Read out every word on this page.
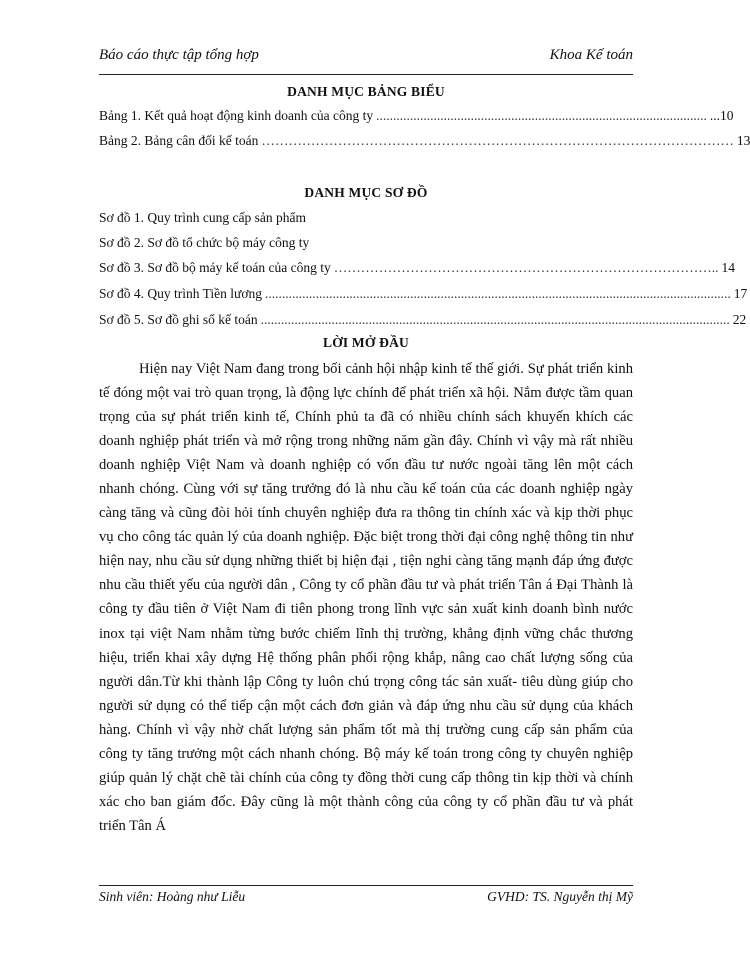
Báo cáo thực tập tổng hợp	Khoa Kế toán
DANH MỤC BẢNG BIỂU
Bảng 1. Kết quả hoạt động kinh doanh của công ty .................................................................................................. ...10
Bảng 2. Bảng cân đối kế toán …………………………………………………………………………………………… 13
DANH MỤC SƠ ĐỒ
Sơ đồ 1. Quy trình cung cấp sản phẩm
Sơ đồ 2. Sơ đồ tổ chức bộ máy công ty
Sơ đồ 3. Sơ đồ bộ máy kế toán của công ty ………………………………………………………………………….. 14
Sơ đồ 4. Quy trình Tiền lương .......................................................................................................................................... 17
Sơ đồ 5. Sơ đồ ghi sổ kế toán ........................................................................................................................................... 22
LỜI MỞ ĐẦU

Hiện nay Việt Nam đang trong bối cảnh hội nhập kinh tế thế giới. Sự phát triển kinh tế đóng một vai trò quan trọng, là động lực chính để phát triển xã hội. Nắm được tầm quan trọng của sự phát triển kinh tế, Chính phủ ta đã có nhiều chính sách khuyến khích các doanh nghiệp phát triển và mở rộng trong những năm gần đây. Chính vì vậy mà rất nhiều doanh nghiệp Việt Nam và doanh nghiệp có vốn đầu tư nước ngoài tăng lên một cách nhanh chóng. Cùng với sự tăng trưởng đó là nhu cầu kế toán của các doanh nghiệp ngày càng tăng và cũng đòi hỏi tính chuyên nghiệp đưa ra thông tin chính xác và kịp thời phục vụ cho công tác quản lý của doanh nghiệp. Đặc biệt trong thời đại công nghệ thông tin như hiện nay, nhu cầu sử dụng những thiết bị hiện đại , tiện nghi càng tăng mạnh đáp ứng được nhu cầu thiết yếu của người dân , Công ty cổ phần đầu tư và phát triển Tân á Đại Thành là công ty đầu tiên ở Việt Nam đi tiên phong trong lĩnh vực sản xuất kinh doanh bình nước inox tại việt Nam nhằm từng bước chiếm lĩnh thị trường, khẳng định vững chắc thương hiệu, triển khai xây dựng Hệ thống phân phối rộng khắp, nâng cao chất lượng sống của người dân.Từ khi thành lập Công ty luôn chú trọng công tác sản xuất- tiêu dùng giúp cho người sử dụng có thể tiếp cận một cách đơn giản và đáp ứng nhu cầu sử dụng của khách hàng. Chính vì vậy nhờ chất lượng sản phẩm tốt mà thị trường cung cấp sản phẩm của công ty tăng trưởng một cách nhanh chóng. Bộ máy kế toán trong công ty chuyên nghiệp giúp quản lý chặt chẽ tài chính của công ty đồng thời cung cấp thông tin kịp thời và chính xác cho ban giám đốc. Đây cũng là một thành công của công ty cổ phần đầu tư và phát triển Tân Á

Sinh viên: Hoàng như Liễu	GVHD: TS. Nguyễn thị Mỹ
